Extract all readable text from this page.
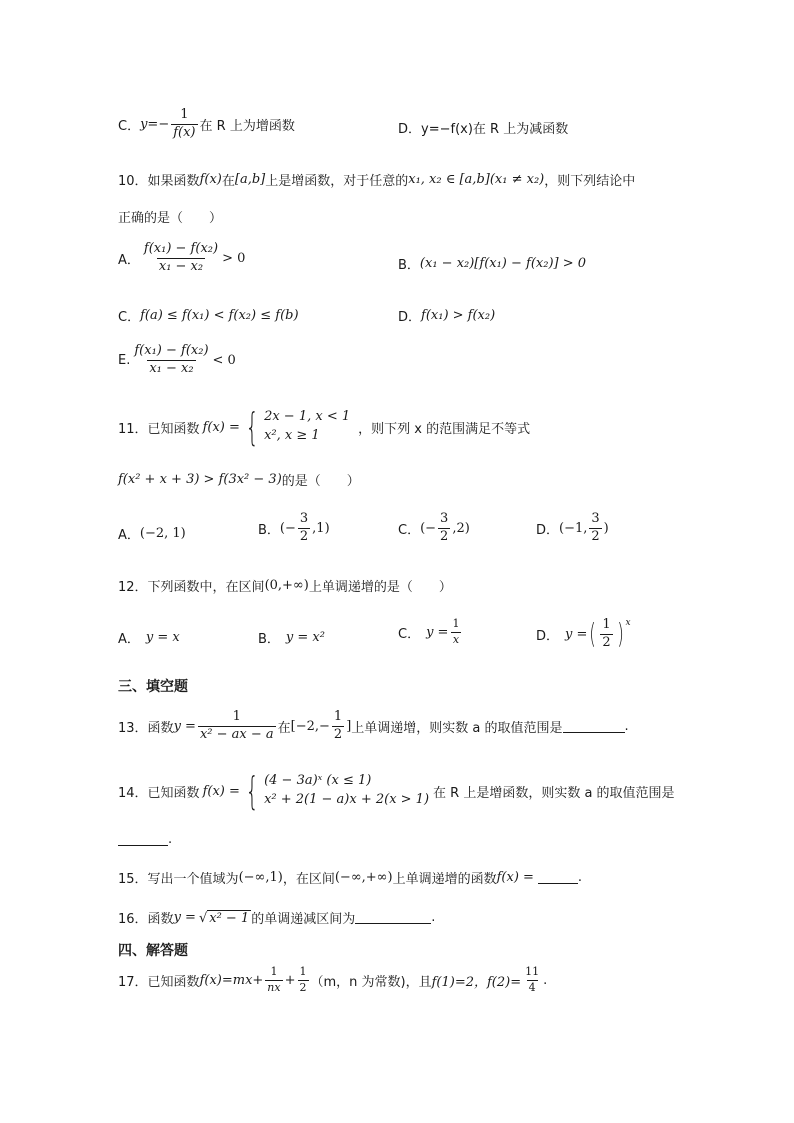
C． $y=- \frac{1}{f(x)}$ 在 R 上为增函数	D． y=−f(x)在 R 上为减函数
10． 如果函数 f(x) 在 [a,b] 上是增函数，对于任意的 x₁, x₂ ∈ [a,b](x₁ ≠ x₂) ，则下列结论中
正确的是（　　）
A． $\frac{\text{f(x₁) − f(x₂)}}{\text{x₁ − x₂}} > 0$	B． (x₁ − x₂)[f(x₁) − f(x₂)] > 0
C． f(a) ≤ f(x₁) < f(x₂) ≤ f(b)	D． f(x₁) > f(x₂)
E. $\frac{\text{f(x₁) − f(x₂)}}{\text{x₁ − x₂}} < 0$
11． 已知函数 f(x) = { 2x − 1, x < 1
x², x ≥ 1	，则下列 x 的范围满足不等式
f(x² + x + 3) > f(3x² − 3) 的是（　　）
A． (−2, 1)	B． (− $\frac{3}{2} ,1$)	C． (− $\frac{3}{2} ,2$)	D． (−1, $\frac{3}{2}$ )
12． 下列函数中，在区间 (0,+∞) 上单调递增的是（　　）
A． y = x	B． y = x²	C． $y = \frac{1}{x}$	D． y = ( $\frac{1}{2} )^x$
三、填空题
13． 函数 $y = \frac{1}{\text{x² − ax − a}}$ 在 [$-2,- \frac{1}{2}$ ] 上单调递增，则实数 a 的取值范围是	.
14． 已知函数 f(x) = { (4 − 3a)ˣ (x ≤ 1)
x² + 2(1 − a)x + 2(x > 1) 在 R 上是增函数，则实数 a 的取值范围是
.
15． 写出一个值域为 (−∞,1) ，在区间 (−∞,+∞) 上单调递增的函数 f(x) =	.
16． 函数 y = √ x² − 1 的单调递减区间为	.
四、解答题
17． 已知函数 $f(x)=mx+ \frac{1}{nx} + \frac{1}{2} (m$，n 为常数)，且 f(1)=2，$f(2)= \frac{11}{4}$ .
